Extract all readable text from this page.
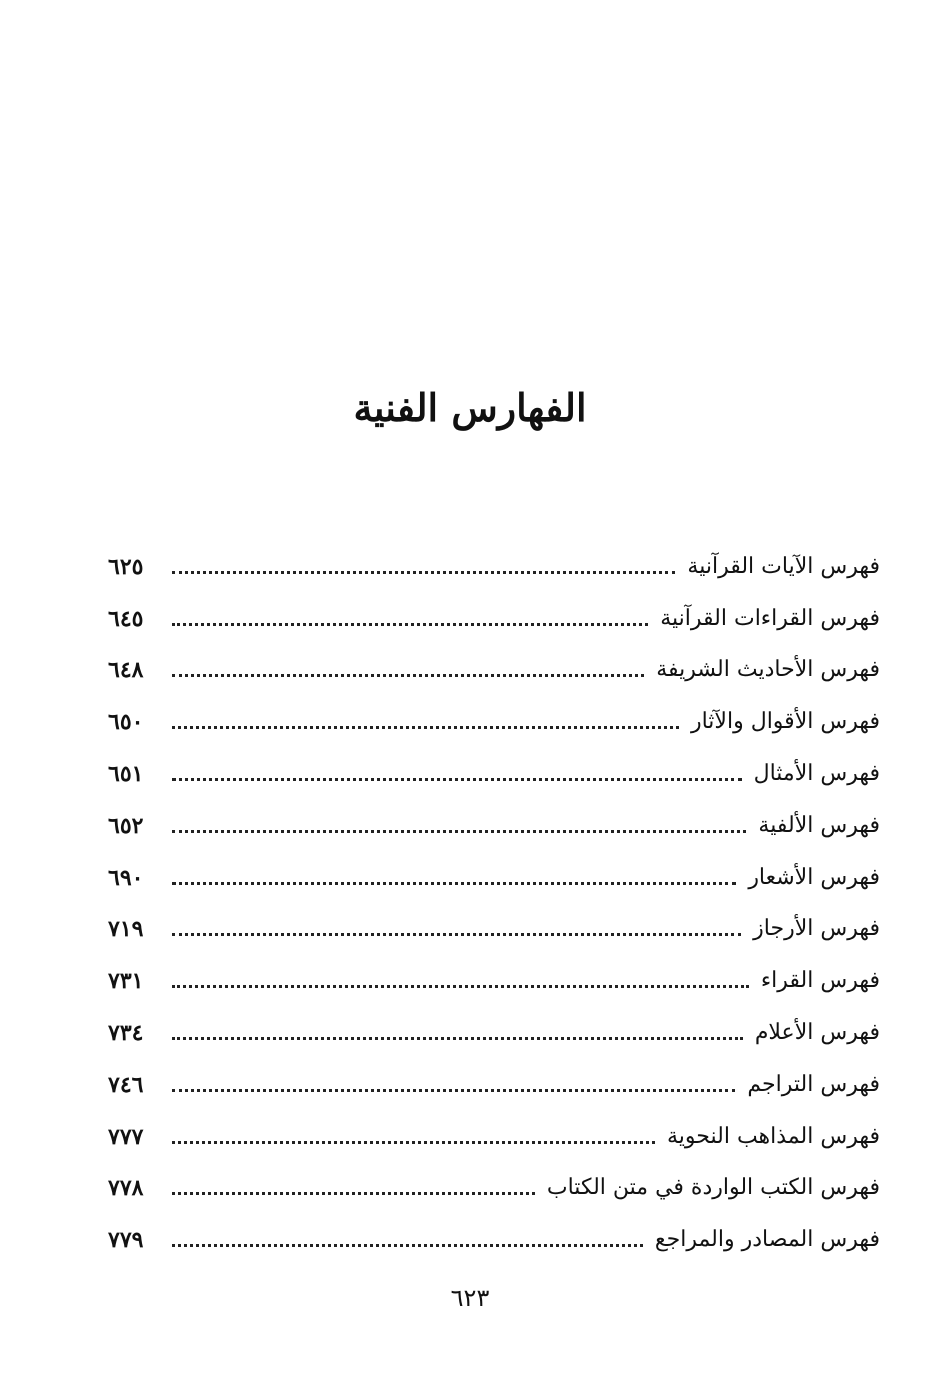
الفهارس الفنية
فهرس الآيات القرآنية
٦٢٥
فهرس القراءات القرآنية
٦٤٥
فهرس الأحاديث الشريفة
٦٤٨
فهرس الأقوال والآثار
٦٥٠
فهرس الأمثال
٦٥١
فهرس الألفية
٦٥٢
فهرس الأشعار
٦٩٠
فهرس الأرجاز
٧١٩
فهرس القراء
٧٣١
فهرس الأعلام
٧٣٤
فهرس التراجم
٧٤٦
فهرس المذاهب النحوية
٧٧٧
فهرس الكتب الواردة في متن الكتاب
٧٧٨
فهرس المصادر والمراجع
٧٧٩
٦٢٣
